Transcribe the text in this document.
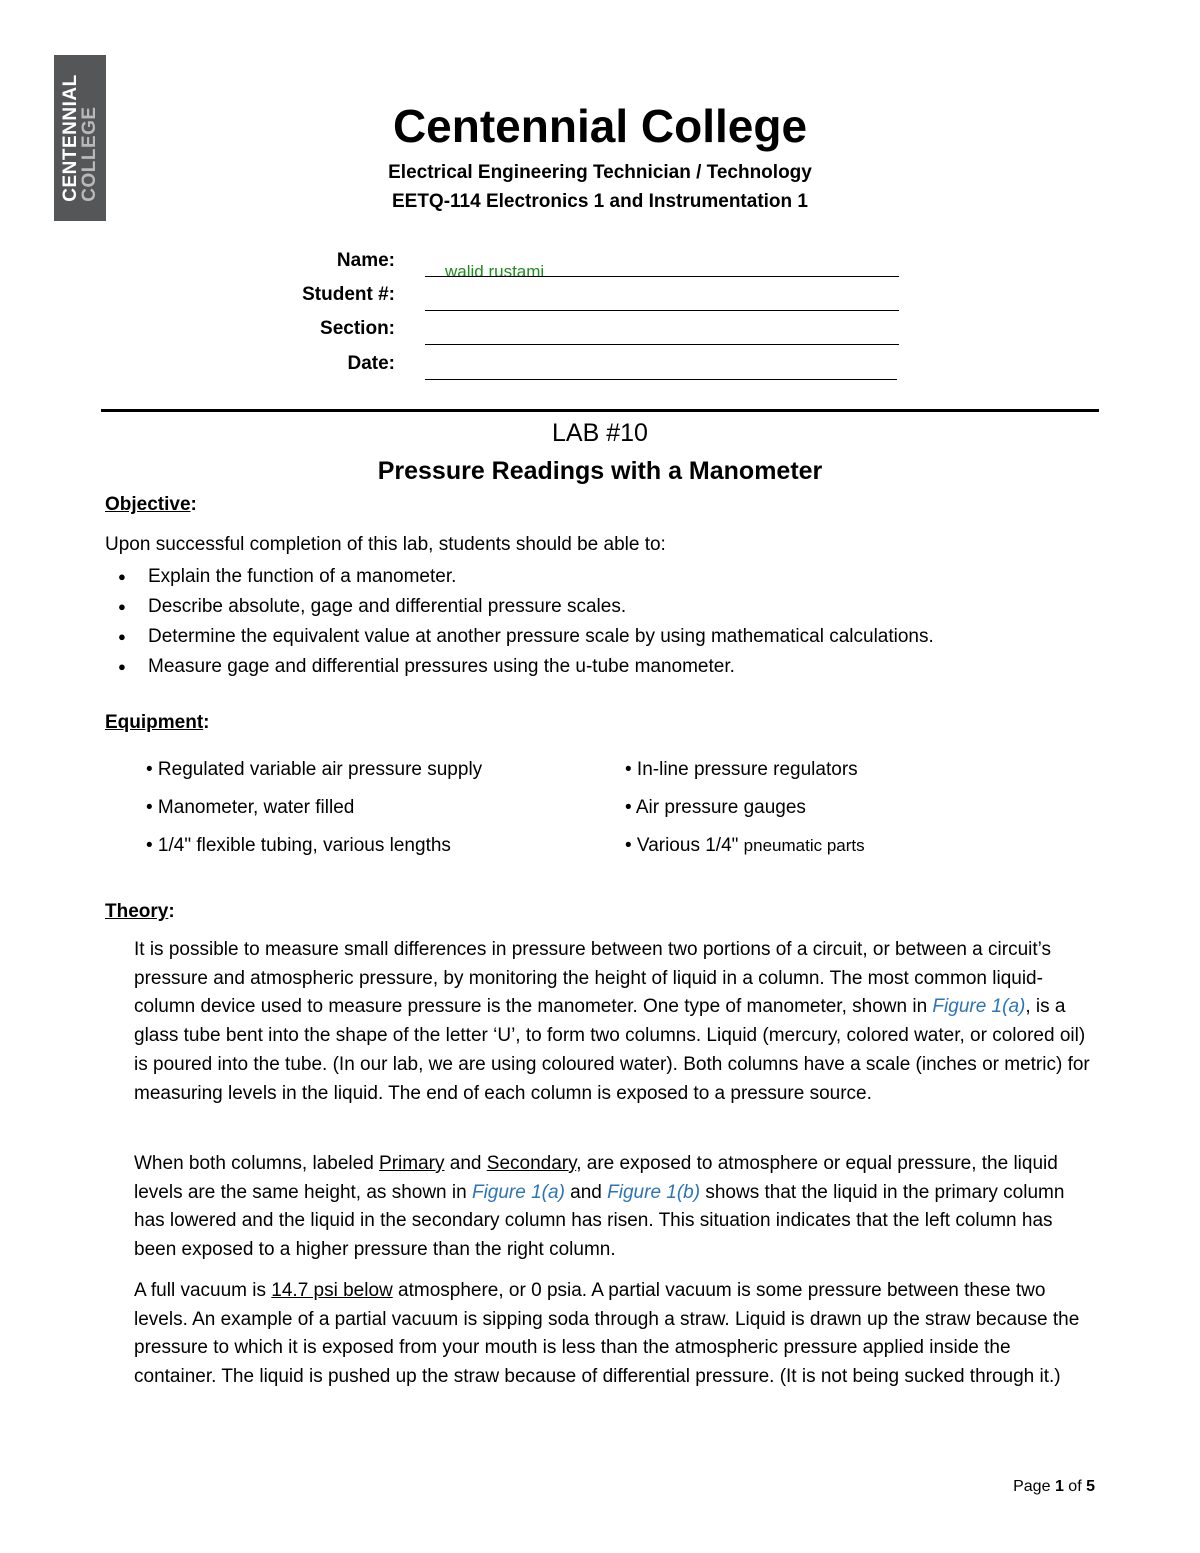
CENTENNIAL
COLLEGE	Centennial College
Electrical Engineering Technician / Technology
EETQ-114 Electronics 1 and Instrumentation 1
Name:
walid rustami
Student #:
Section:
Date:
LAB #10
Pressure Readings with a Manometer
Objective:
Upon successful completion of this lab, students should be able to:
● Explain the function of a manometer.
● Describe absolute, gage and differential pressure scales.
● Determine the equivalent value at another pressure scale by using mathematical calculations.
● Measure gage and differential pressures using the u-tube manometer.
Equipment:
• Regulated variable air pressure supply
• Manometer, water filled
• 1/4" flexible tubing, various lengths
• In-line pressure regulators
• Air pressure gauges
• Various 1/4" pneumatic parts
Theory:

It is possible to measure small differences in pressure between two portions of a circuit, or between a circuit’s pressure and atmospheric pressure, by monitoring the height of liquid in a column. The most common liquid-column device used to measure pressure is the manometer. One type of manometer, shown in Figure 1(a), is a glass tube bent into the shape of the letter ‘U’, to form two columns. Liquid (mercury, colored water, or colored oil) is poured into the tube. (In our lab, we are using coloured water). Both columns have a scale (inches or metric) for measuring levels in the liquid. The end of each column is exposed to a pressure source.

When both columns, labeled Primary and Secondary, are exposed to atmosphere or equal pressure, the liquid levels are the same height, as shown in Figure 1(a) and Figure 1(b) shows that the liquid in the primary column has lowered and the liquid in the secondary column has risen. This situation indicates that the left column has been exposed to a higher pressure than the right column.

A full vacuum is 14.7 psi below atmosphere, or 0 psia. A partial vacuum is some pressure between these two levels. An example of a partial vacuum is sipping soda through a straw. Liquid is drawn up the straw because the pressure to which it is exposed from your mouth is less than the atmospheric pressure applied inside the container. The liquid is pushed up the straw because of differential pressure. (It is not being sucked through it.)

Page 1 of 5
